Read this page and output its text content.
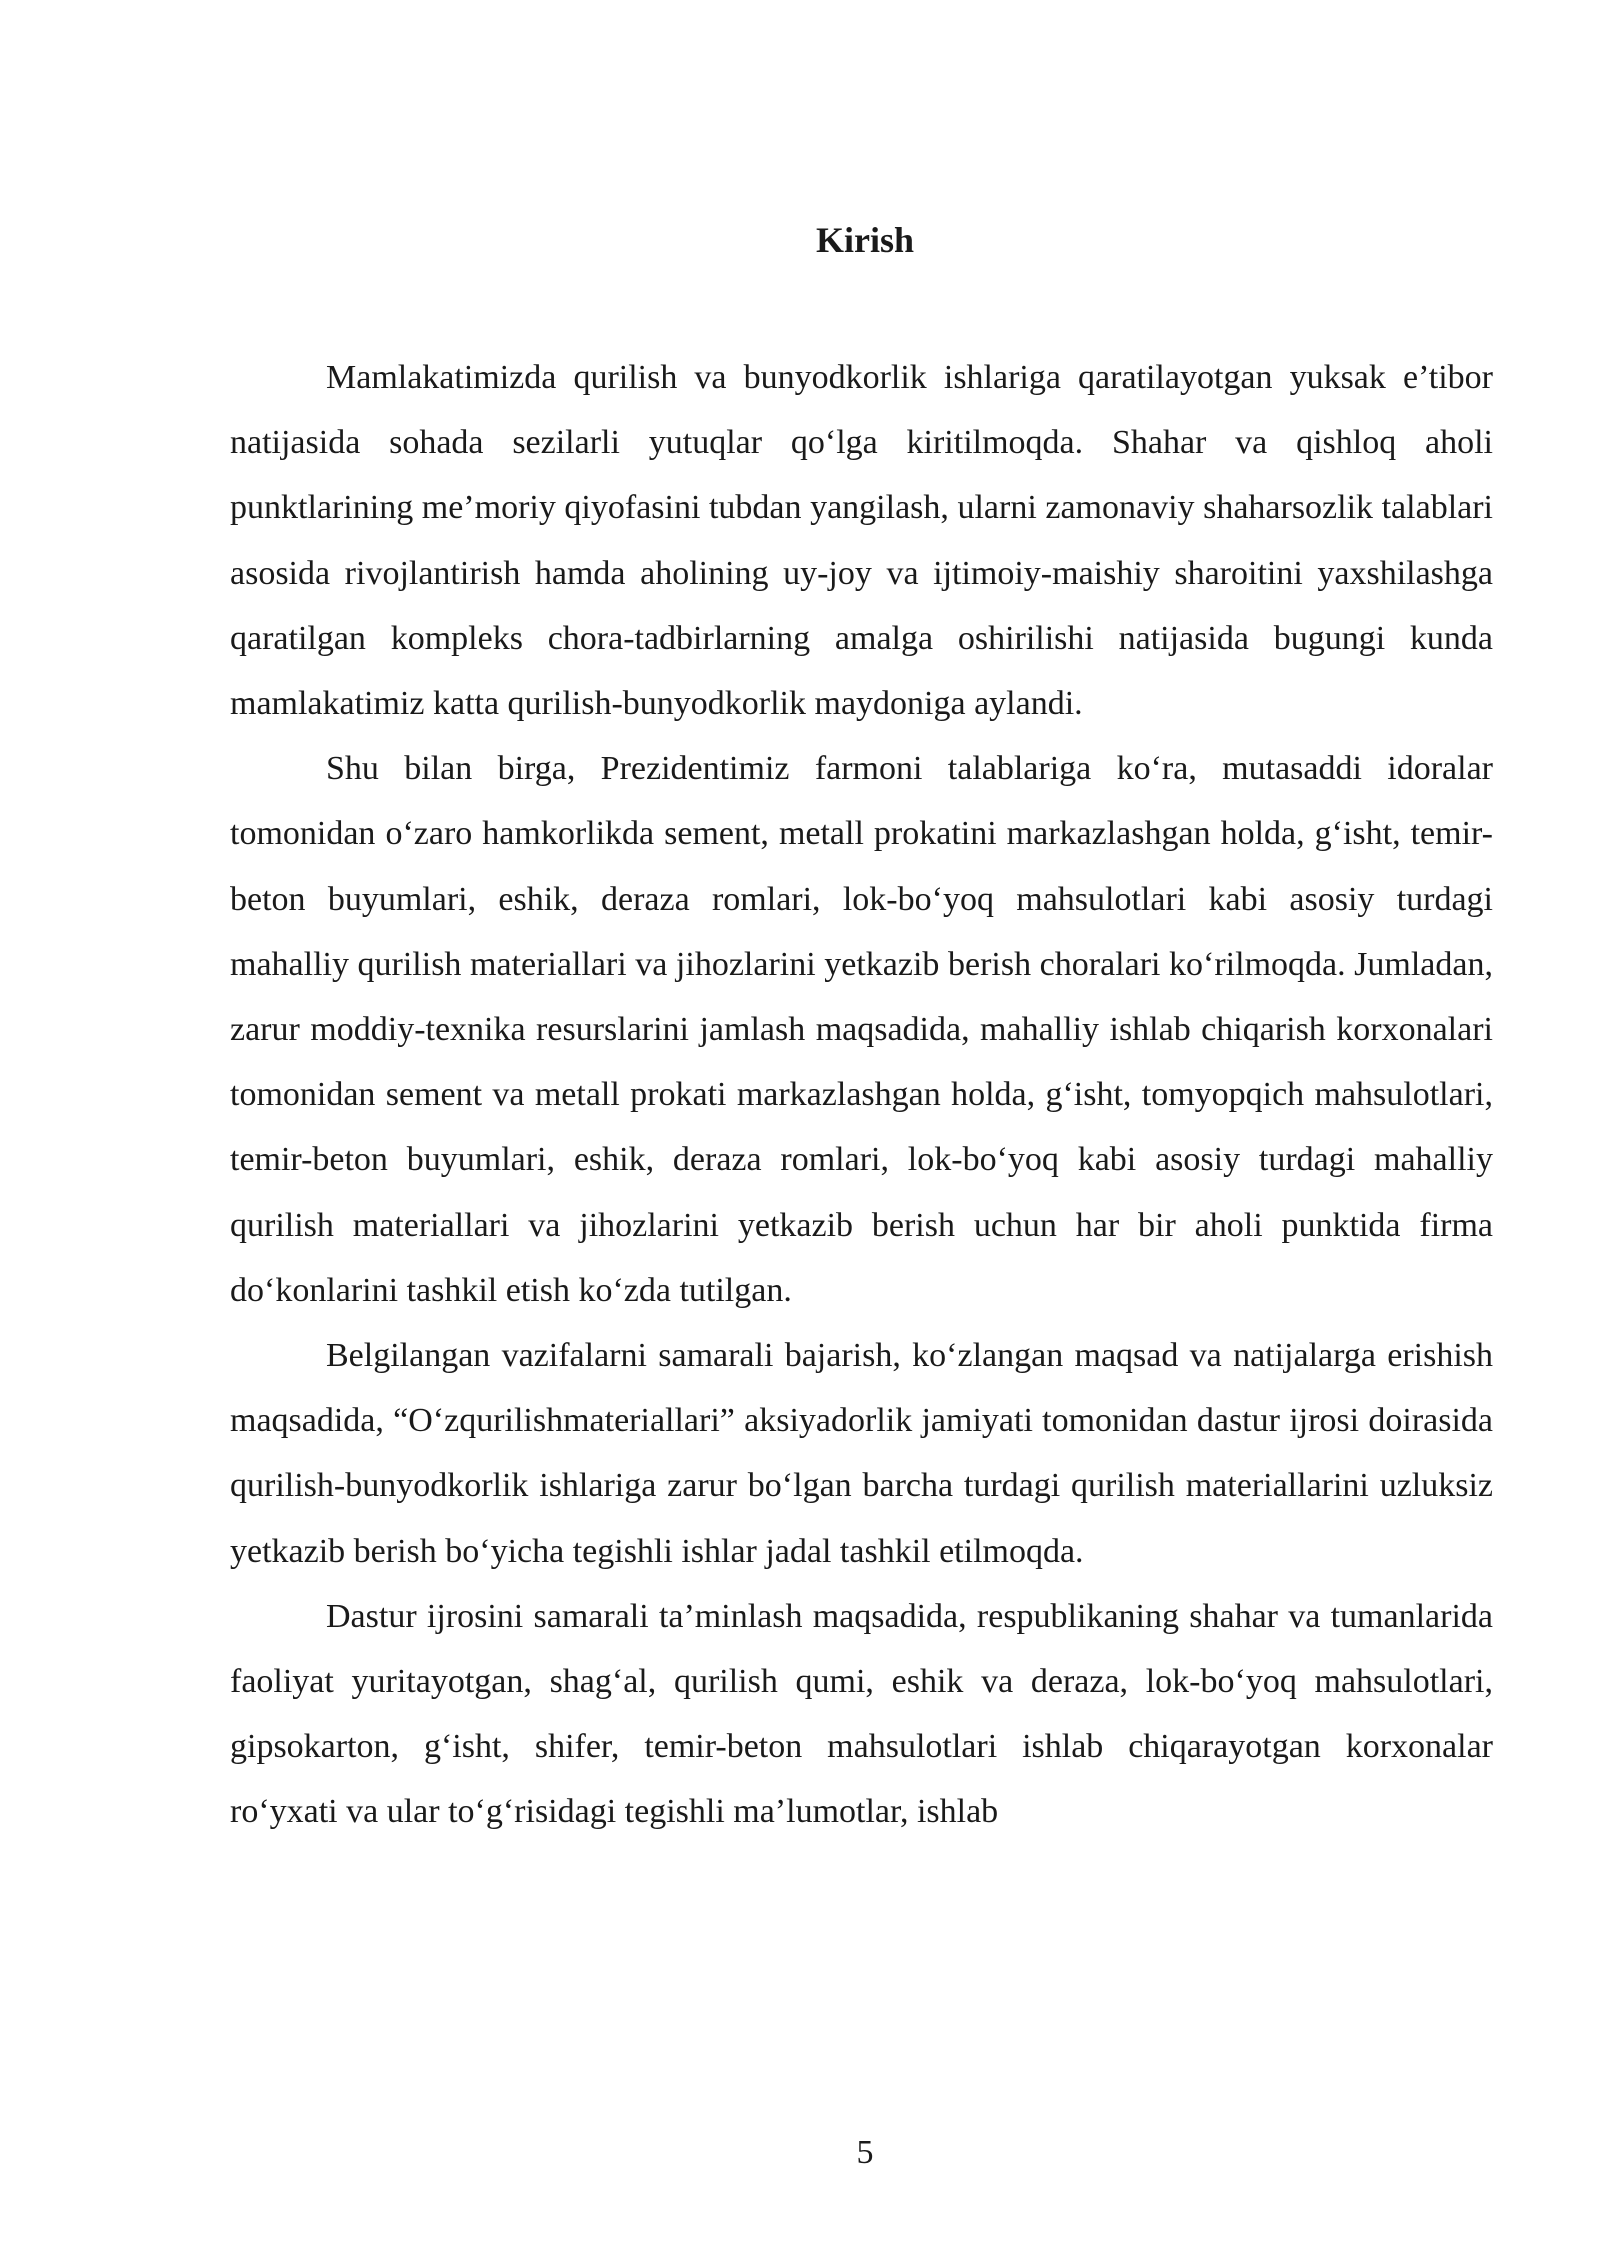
Kirish

Mamlakatimizda qurilish va bunyodkorlik ishlariga qaratilayotgan yuksak e’tibor natijasida sohada sezilarli yutuqlar qo‘lga kiritilmoqda. Shahar va qishloq aholi punktlarining me’moriy qiyofasini tubdan yangilash, ularni zamonaviy shaharsozlik talablari asosida rivojlantirish hamda aholining uy-joy va ijtimoiy-maishiy sharoitini yaxshilashga qaratilgan kompleks chora-tadbirlarning amalga oshirilishi natijasida bugungi kunda mamlakatimiz katta qurilish-bunyodkorlik maydoniga aylandi.

Shu bilan birga, Prezidentimiz farmoni talablariga ko‘ra, mutasaddi idoralar tomonidan o‘zaro hamkorlikda sement, metall prokatini markazlashgan holda, g‘isht, temir-beton buyumlari, eshik, deraza romlari, lok-bo‘yoq mahsulotlari kabi asosiy turdagi mahalliy qurilish materiallari va jihozlarini yetkazib berish choralari ko‘rilmoqda. Jumladan, zarur moddiy-texnika resurslarini jamlash maqsadida, mahalliy ishlab chiqarish korxonalari tomonidan sement va metall prokati markazlashgan holda, g‘isht, tomyopqich mahsulotlari, temir-beton buyumlari, eshik, deraza romlari, lok-bo‘yoq kabi asosiy turdagi mahalliy qurilish materiallari va jihozlarini yetkazib berish uchun har bir aholi punktida firma do‘konlarini tashkil etish ko‘zda tutilgan.

Belgilangan vazifalarni samarali bajarish, ko‘zlangan maqsad va natijalarga erishish maqsadida, “O‘zqurilishmateriallari” aksiyadorlik jamiyati tomonidan dastur ijrosi doirasida qurilish-bunyodkorlik ishlariga zarur bo‘lgan barcha turdagi qurilish materiallarini uzluksiz yetkazib berish bo‘yicha tegishli ishlar jadal tashkil etilmoqda.

Dastur ijrosini samarali ta’minlash maqsadida, respublikaning shahar va tumanlarida faoliyat yuritayotgan, shag‘al, qurilish qumi, eshik va deraza, lok-bo‘yoq mahsulotlari, gipsokarton, g‘isht, shifer, temir-beton mahsulotlari ishlab chiqarayotgan korxonalar ro‘yxati va ular to‘g‘risidagi tegishli ma’lumotlar, ishlab

5
